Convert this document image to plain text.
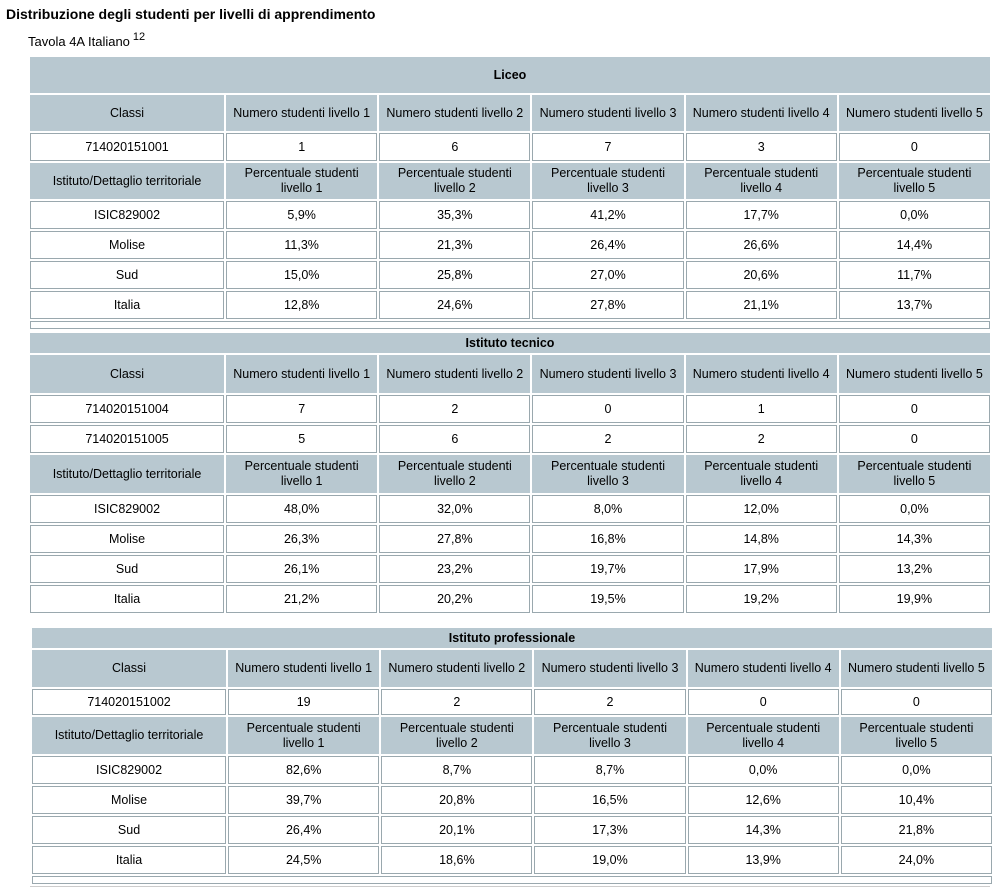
Distribuzione degli studenti per livelli di apprendimento
Tavola 4A Italiano $^{12}$
Liceo					
Classi	Numero studenti livello 1	Numero studenti livello 2	Numero studenti livello 3	Numero studenti livello 4	Numero studenti livello 5
714020151001	1	6	7	3	0
Istituto/Dettaglio territoriale	Percentuale studenti livello 1	Percentuale studenti livello 2	Percentuale studenti livello 3	Percentuale studenti livello 4	Percentuale studenti livello 5
ISIC829002	5,9%	35,3%	41,2%	17,7%	0,0%
Molise	11,3%	21,3%	26,4%	26,6%	14,4%
Sud	15,0%	25,8%	27,0%	20,6%	11,7%
Italia	12,8%	24,6%	27,8%	21,1%	13,7%

Istituto tecnico					
Classi	Numero studenti livello 1	Numero studenti livello 2	Numero studenti livello 3	Numero studenti livello 4	Numero studenti livello 5
714020151004	7	2	0	1	0
714020151005	5	6	2	2	0
Istituto/Dettaglio territoriale	Percentuale studenti livello 1	Percentuale studenti livello 2	Percentuale studenti livello 3	Percentuale studenti livello 4	Percentuale studenti livello 5
ISIC829002	48,0%	32,0%	8,0%	12,0%	0,0%
Molise	26,3%	27,8%	16,8%	14,8%	14,3%
Sud	26,1%	23,2%	19,7%	17,9%	13,2%
Italia	21,2%	20,2%	19,5%	19,2%	19,9%
Istituto professionale					
Classi	Numero studenti livello 1	Numero studenti livello 2	Numero studenti livello 3	Numero studenti livello 4	Numero studenti livello 5
714020151002	19	2	2	0	0
Istituto/Dettaglio territoriale	Percentuale studenti livello 1	Percentuale studenti livello 2	Percentuale studenti livello 3	Percentuale studenti livello 4	Percentuale studenti livello 5
ISIC829002	82,6%	8,7%	8,7%	0,0%	0,0%
Molise	39,7%	20,8%	16,5%	12,6%	10,4%
Sud	26,4%	20,1%	17,3%	14,3%	21,8%
Italia	24,5%	18,6%	19,0%	13,9%	24,0%
